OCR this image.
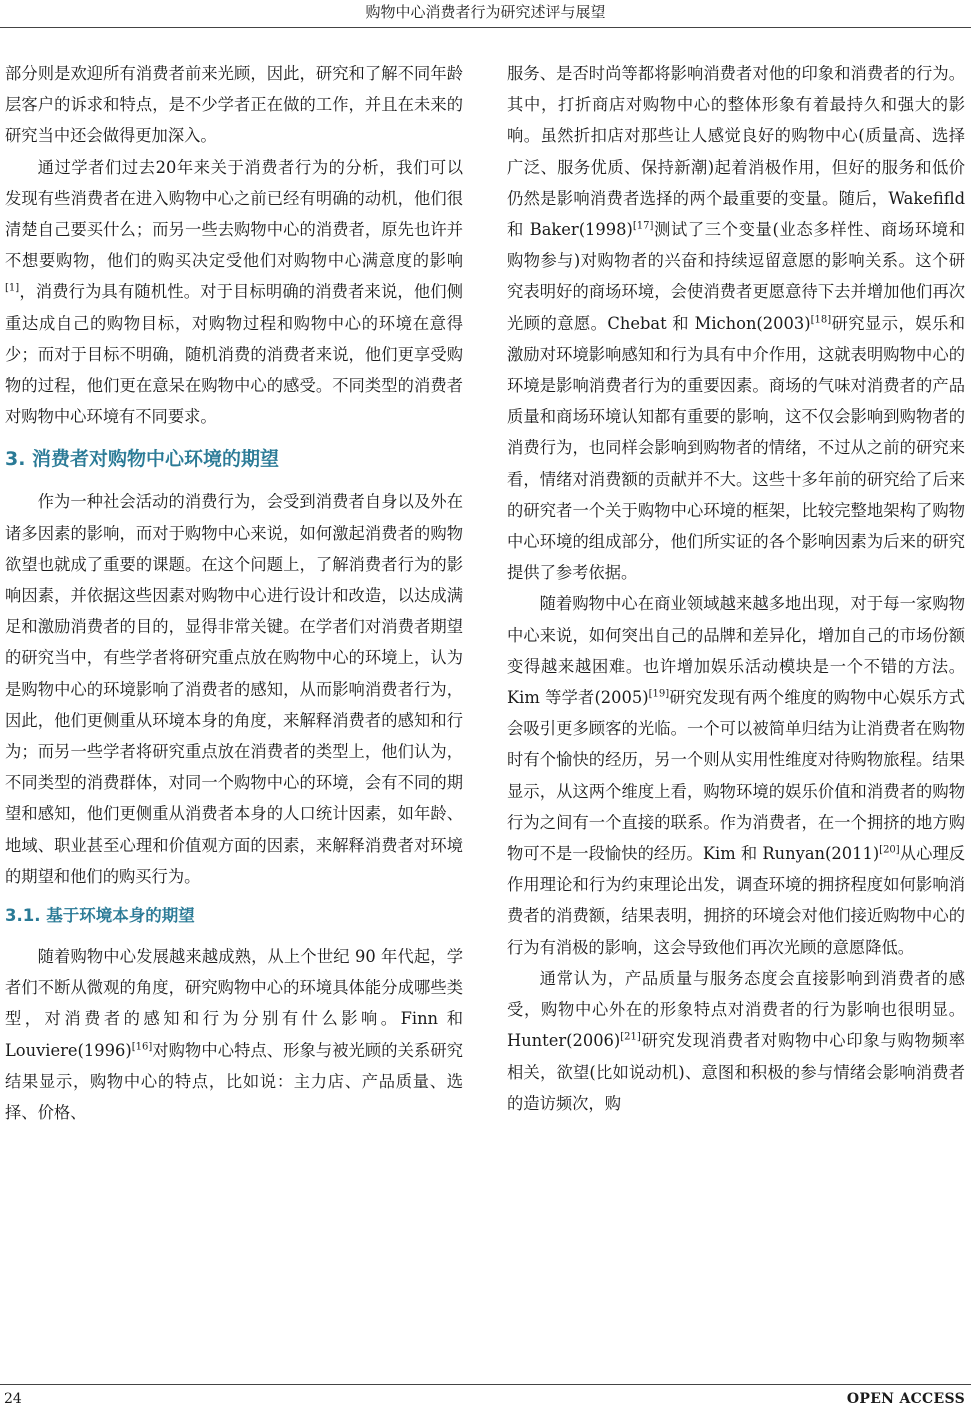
购物中心消费者行为研究述评与展望

部分则是欢迎所有消费者前来光顾，因此，研究和了解不同年龄层客户的诉求和特点，是不少学者正在做的工作，并且在未来的研究当中还会做得更加深入。

通过学者们过去20年来关于消费者行为的分析，我们可以发现有些消费者在进入购物中心之前已经有明确的动机，他们很清楚自己要买什么；而另一些去购物中心的消费者，原先也许并不想要购物，他们的购买决定受他们对购物中心满意度的影响[1]，消费行为具有随机性。对于目标明确的消费者来说，他们侧重达成自己的购物目标，对购物过程和购物中心的环境在意得少；而对于目标不明确，随机消费的消费者来说，他们更享受购物的过程，他们更在意呆在购物中心的感受。不同类型的消费者对购物中心环境有不同要求。

3. 消费者对购物中心环境的期望

作为一种社会活动的消费行为，会受到消费者自身以及外在诸多因素的影响，而对于购物中心来说，如何激起消费者的购物欲望也就成了重要的课题。在这个问题上，了解消费者行为的影响因素，并依据这些因素对购物中心进行设计和改造，以达成满足和激励消费者的目的，显得非常关键。在学者们对消费者期望的研究当中，有些学者将研究重点放在购物中心的环境上，认为是购物中心的环境影响了消费者的感知，从而影响消费者行为，因此，他们更侧重从环境本身的角度，来解释消费者的感知和行为；而另一些学者将研究重点放在消费者的类型上，他们认为，不同类型的消费群体，对同一个购物中心的环境，会有不同的期望和感知，他们更侧重从消费者本身的人口统计因素，如年龄、地域、职业甚至心理和价值观方面的因素，来解释消费者对环境的期望和他们的购买行为。

3.1. 基于环境本身的期望

随着购物中心发展越来越成熟，从上个世纪 90 年代起，学者们不断从微观的角度，研究购物中心的环境具体能分成哪些类型，对消费者的感知和行为分别有什么影响。Finn 和 Louviere(1996)[16]对购物中心特点、形象与被光顾的关系研究结果显示，购物中心的特点，比如说：主力店、产品质量、选择、价格、

服务、是否时尚等都将影响消费者对他的印象和消费者的行为。其中，打折商店对购物中心的整体形象有着最持久和强大的影响。虽然折扣店对那些让人感觉良好的购物中心(质量高、选择广泛、服务优质、保持新潮)起着消极作用，但好的服务和低价仍然是影响消费者选择的两个最重要的变量。随后，Wakefifld 和 Baker(1998)[17]测试了三个变量(业态多样性、商场环境和购物参与)对购物者的兴奋和持续逗留意愿的影响关系。这个研究表明好的商场环境，会使消费者更愿意待下去并增加他们再次光顾的意愿。Chebat 和 Michon(2003)[18]研究显示，娱乐和激励对环境影响感知和行为具有中介作用，这就表明购物中心的环境是影响消费者行为的重要因素。商场的气味对消费者的产品质量和商场环境认知都有重要的影响，这不仅会影响到购物者的消费行为，也同样会影响到购物者的情绪，不过从之前的研究来看，情绪对消费额的贡献并不大。这些十多年前的研究给了后来的研究者一个关于购物中心环境的框架，比较完整地架构了购物中心环境的组成部分，他们所实证的各个影响因素为后来的研究提供了参考依据。

随着购物中心在商业领域越来越多地出现，对于每一家购物中心来说，如何突出自己的品牌和差异化，增加自己的市场份额变得越来越困难。也许增加娱乐活动模块是一个不错的方法。Kim 等学者(2005)[19]研究发现有两个维度的购物中心娱乐方式会吸引更多顾客的光临。一个可以被简单归结为让消费者在购物时有个愉快的经历，另一个则从实用性维度对待购物旅程。结果显示，从这两个维度上看，购物环境的娱乐价值和消费者的购物行为之间有一个直接的联系。作为消费者，在一个拥挤的地方购物可不是一段愉快的经历。Kim 和 Runyan(2011)[20]从心理反作用理论和行为约束理论出发，调查环境的拥挤程度如何影响消费者的消费额，结果表明，拥挤的环境会对他们接近购物中心的行为有消极的影响，这会导致他们再次光顾的意愿降低。

通常认为，产品质量与服务态度会直接影响到消费者的感受，购物中心外在的形象特点对消费者的行为影响也很明显。Hunter(2006)[21]研究发现消费者对购物中心印象与购物频率相关，欲望(比如说动机)、意图和积极的参与情绪会影响消费者的造访频次，购

24	OPEN ACCESS
